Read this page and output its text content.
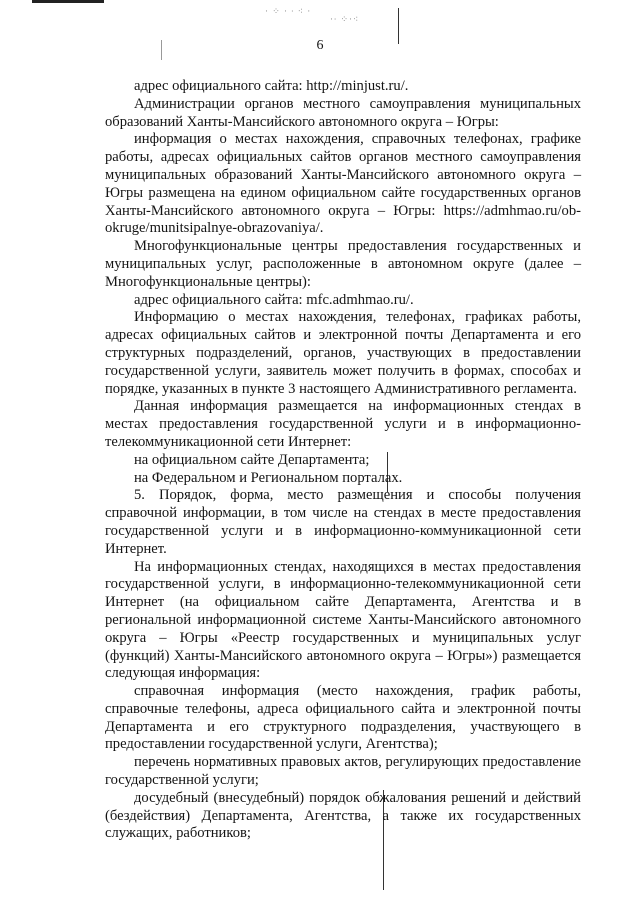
· ⁘ · ∙ ⁖ ·
·∙ ⁘·⁖
6

адрес официального сайта: http://minjust.ru/.

Администрации органов местного самоуправления муниципальных образований Ханты-Мансийского автономного округа – Югры:

информация о местах нахождения, справочных телефонах, графике работы, адресах официальных сайтов органов местного самоуправления муниципальных образований Ханты-Мансийского автономного округа – Югры размещена на едином официальном сайте государственных органов Ханты-Мансийского автономного округа – Югры: https://admhmao.ru/ob-okruge/munitsipalnye-obrazovaniya/.

Многофункциональные центры предоставления государственных и муниципальных услуг, расположенные в автономном округе (далее – Многофункциональные центры):

адрес официального сайта: mfc.admhmao.ru/.

Информацию о местах нахождения, телефонах, графиках работы, адресах официальных сайтов и электронной почты Департамента и его структурных подразделений, органов, участвующих в предоставлении государственной услуги, заявитель может получить в формах, способах и порядке, указанных в пункте 3 настоящего Административного регламента.

Данная информация размещается на информационных стендах в местах предоставления государственной услуги и в информационно-телекоммуникационной сети Интернет:

на официальном сайте Департамента;

на Федеральном и Региональном порталах.

5. Порядок, форма, место размещения и способы получения справочной информации, в том числе на стендах в месте предоставления государственной услуги и в информационно-коммуникационной сети Интернет.

На информационных стендах, находящихся в местах предоставления государственной услуги, в информационно-телекоммуникационной сети Интернет (на официальном сайте Департамента, Агентства и в региональной информационной системе Ханты-Мансийского автономного округа – Югры «Реестр государственных и муниципальных услуг (функций) Ханты-Мансийского автономного округа – Югры») размещается следующая информация:

справочная информация (место нахождения, график работы, справочные телефоны, адреса официального сайта и электронной почты Департамента и его структурного подразделения, участвующего в предоставлении государственной услуги, Агентства);

перечень нормативных правовых актов, регулирующих предоставление государственной услуги;

досудебный (внесудебный) порядок обжалования решений и действий (бездействия) Департамента, Агентства, а также их государственных служащих, работников;
